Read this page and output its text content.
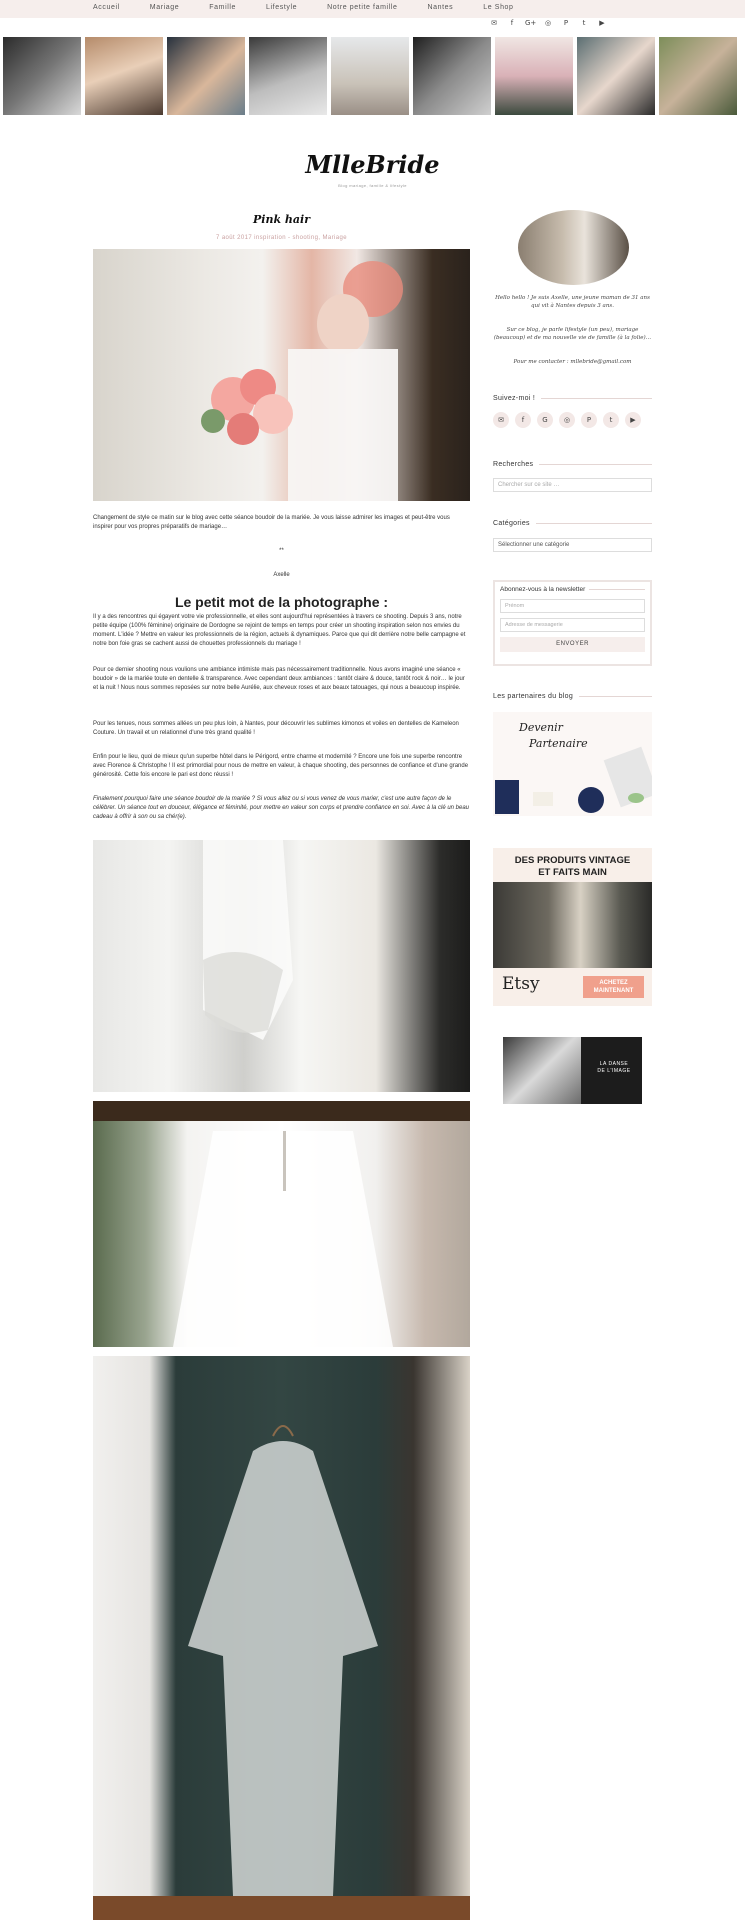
Accueil	Mariage	Famille	Lifestyle	Notre petite famille	Nantes	Le Shop
✉	f	G+ ◎	P	t	▶
MlleBride
Blog mariage, famille & lifestyle
Pink hair
7 août 2017 inspiration - shooting, Mariage
Changement de style ce matin sur le blog avec cette séance boudoir de la mariée. Je vous laisse admirer les images et peut-être vous inspirer pour vos propres préparatifs de mariage…
**
Axelle
Le petit mot de la photographe :
Il y a des rencontres qui égayent votre vie professionnelle, et elles sont aujourd'hui représentées à travers ce shooting. Depuis 3 ans, notre petite équipe (100% féminine) originaire de Dordogne se rejoint de temps en temps pour créer un shooting inspiration selon nos envies du moment. L'idée ? Mettre en valeur les professionnels de la région, actuels & dynamiques. Parce que qui dit derrière notre belle campagne et notre bon foie gras se cachent aussi de chouettes professionnels du mariage !
Pour ce dernier shooting nous voulions une ambiance intimiste mais pas nécessairement traditionnelle. Nous avons imaginé une séance « boudoir » de la mariée toute en dentelle & transparence. Avec cependant deux ambiances : tantôt claire & douce, tantôt rock & noir… le jour et la nuit ! Nous nous sommes reposées sur notre belle Aurélie, aux cheveux roses et aux beaux tatouages, qui nous a beaucoup inspirée.
Pour les tenues, nous sommes allées un peu plus loin, à Nantes, pour découvrir les sublimes kimonos et voiles en dentelles de Kameleon Couture. Un travail et un relationnel d'une très grand qualité !
Enfin pour le lieu, quoi de mieux qu'un superbe hôtel dans le Périgord, entre charme et modernité ? Encore une fois une superbe rencontre avec Florence & Christophe ! Il est primordial pour nous de mettre en valeur, à chaque shooting, des personnes de confiance et d'une grande générosité. Cette fois encore le pari est donc réussi !
Finalement pourquoi faire une séance boudoir de la mariée ? Si vous allez ou si vous venez de vous marier, c'est une autre façon de le célébrer. Un séance tout en douceur, élégance et féminité, pour mettre en valeur son corps et prendre confiance en soi. Avec à la clé un beau cadeau à offrir à son ou sa chér(e).
Hello hello ! Je suis Axelle, une jeune maman de 31 ans qui vit à Nantes depuis 3 ans.
Sur ce blog, je parle lifestyle (un peu), mariage (beaucoup) et de ma nouvelle vie de famille (à la folie)…
Pour me contacter : mllebride@gmail.com
Suivez-moi !
✉	f	G	◎	P	t	▶
Recherches
Chercher sur ce site …
Catégories
Sélectionner une catégorie
Abonnez-vous à la newsletter
Prénom
Adresse de messagerie
ENVOYER
Les partenaires du blog
Devenir
Partenaire
DES PRODUITS VINTAGE
ET FAITS MAIN
Etsy	ACHETEZ
MAINTENANT
LA DANSE
DE L'IMAGE
